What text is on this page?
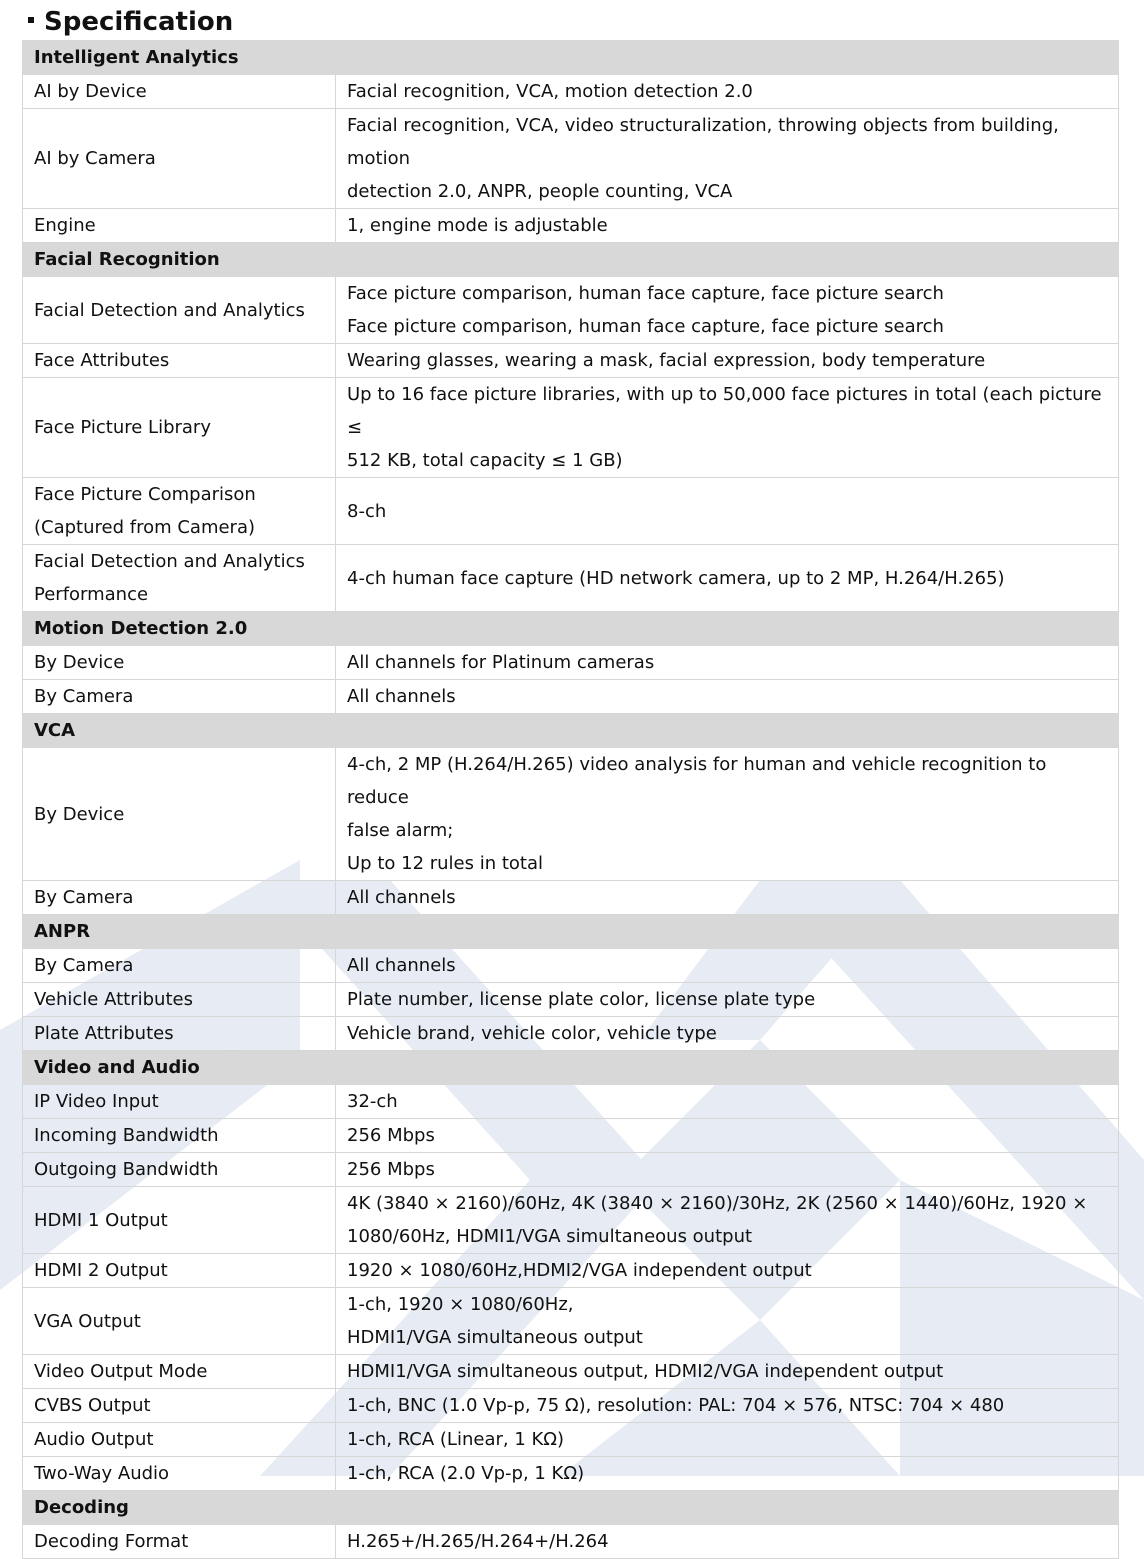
Specification
Intelligent Analytics	

AI by Device	Facial recognition, VCA, motion detection 2.0

AI by Camera	Facial recognition, VCA, video structuralization, throwing objects from building, motion
detection 2.0, ANPR, people counting, VCA

Engine	1, engine mode is adjustable

Facial Recognition	

Facial Detection and Analytics	Face picture comparison, human face capture, face picture search
Face picture comparison, human face capture, face picture search

Face Attributes	Wearing glasses, wearing a mask, facial expression, body temperature

Face Picture Library	Up to 16 face picture libraries, with up to 50,000 face pictures in total (each picture ≤
512 KB, total capacity ≤ 1 GB)

Face Picture Comparison
(Captured from Camera)	8-ch

Facial Detection and Analytics
Performance	4-ch human face capture (HD network camera, up to 2 MP, H.264/H.265)

Motion Detection 2.0	

By Device	All channels for Platinum cameras

By Camera	All channels

VCA	

By Device	4-ch, 2 MP (H.264/H.265) video analysis for human and vehicle recognition to reduce
false alarm;
Up to 12 rules in total

By Camera	All channels

ANPR	

By Camera	All channels

Vehicle Attributes	Plate number, license plate color, license plate type

Plate Attributes	Vehicle brand, vehicle color, vehicle type

Video and Audio	

IP Video Input	32-ch

Incoming Bandwidth	256 Mbps

Outgoing Bandwidth	256 Mbps

HDMI 1 Output	4K (3840 × 2160)/60Hz, 4K (3840 × 2160)/30Hz, 2K (2560 × 1440)/60Hz, 1920 ×
1080/60Hz, HDMI1/VGA simultaneous output

HDMI 2 Output	1920 × 1080/60Hz,HDMI2/VGA independent output

VGA Output	1-ch, 1920 × 1080/60Hz,
HDMI1/VGA simultaneous output

Video Output Mode	HDMI1/VGA simultaneous output, HDMI2/VGA independent output

CVBS Output	1-ch, BNC (1.0 Vp-p, 75 Ω), resolution: PAL: 704 × 576, NTSC: 704 × 480

Audio Output	1-ch, RCA (Linear, 1 KΩ)

Two-Way Audio	1-ch, RCA (2.0 Vp-p, 1 KΩ)

Decoding	

Decoding Format	H.265+/H.265/H.264+/H.264
